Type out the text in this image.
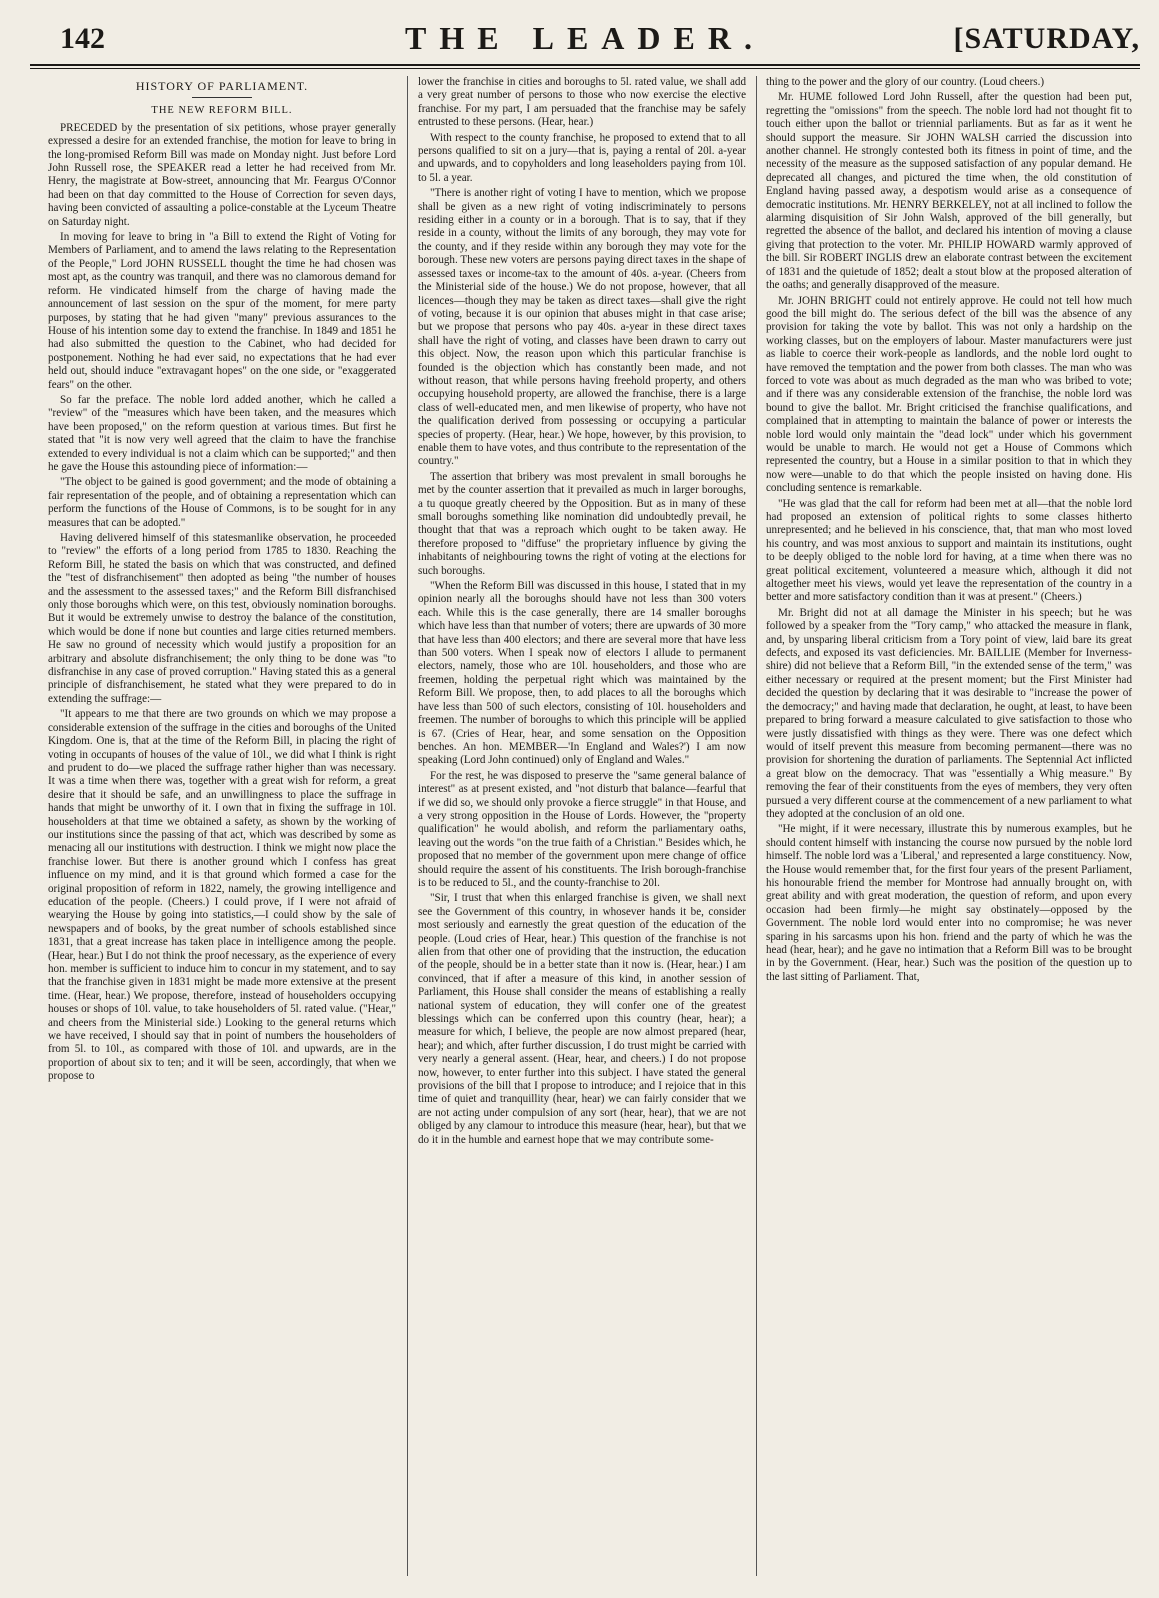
142	THE LEADER.	[SATURDAY,
HISTORY OF PARLIAMENT.
THE NEW REFORM BILL.

PRECEDED by the presentation of six petitions, whose prayer generally expressed a desire for an extended franchise, the motion for leave to bring in the long-promised Reform Bill was made on Monday night. Just before Lord John Russell rose, the SPEAKER read a letter he had received from Mr. Henry, the magistrate at Bow-street, announcing that Mr. Feargus O'Connor had been on that day committed to the House of Correction for seven days, having been convicted of assaulting a police-constable at the Lyceum Theatre on Saturday night.

In moving for leave to bring in "a Bill to extend the Right of Voting for Members of Parliament, and to amend the laws relating to the Representation of the People," Lord JOHN RUSSELL thought the time he had chosen was most apt, as the country was tranquil, and there was no clamorous demand for reform. He vindicated himself from the charge of having made the announcement of last session on the spur of the moment, for mere party purposes, by stating that he had given "many" previous assurances to the House of his intention some day to extend the franchise. In 1849 and 1851 he had also submitted the question to the Cabinet, who had decided for postponement. Nothing he had ever said, no expectations that he had ever held out, should induce "extravagant hopes" on the one side, or "exaggerated fears" on the other.

So far the preface. The noble lord added another, which he called a "review" of the "measures which have been taken, and the measures which have been proposed," on the reform question at various times. But first he stated that "it is now very well agreed that the claim to have the franchise extended to every individual is not a claim which can be supported;" and then he gave the House this astounding piece of information:—

"The object to be gained is good government; and the mode of obtaining a fair representation of the people, and of obtaining a representation which can perform the functions of the House of Commons, is to be sought for in any measures that can be adopted."

Having delivered himself of this statesmanlike observation, he proceeded to "review" the efforts of a long period from 1785 to 1830. Reaching the Reform Bill, he stated the basis on which that was constructed, and defined the "test of disfranchisement" then adopted as being "the number of houses and the assessment to the assessed taxes;" and the Reform Bill disfranchised only those boroughs which were, on this test, obviously nomination boroughs. But it would be extremely unwise to destroy the balance of the constitution, which would be done if none but counties and large cities returned members. He saw no ground of necessity which would justify a proposition for an arbitrary and absolute disfranchisement; the only thing to be done was "to disfranchise in any case of proved corruption." Having stated this as a general principle of disfranchisement, he stated what they were prepared to do in extending the suffrage:—

"It appears to me that there are two grounds on which we may propose a considerable extension of the suffrage in the cities and boroughs of the United Kingdom. One is, that at the time of the Reform Bill, in placing the right of voting in occupants of houses of the value of 10l., we did what I think is right and prudent to do—we placed the suffrage rather higher than was necessary. It was a time when there was, together with a great wish for reform, a great desire that it should be safe, and an unwillingness to place the suffrage in hands that might be unworthy of it. I own that in fixing the suffrage in 10l. householders at that time we obtained a safety, as shown by the working of our institutions since the passing of that act, which was described by some as menacing all our institutions with destruction. I think we might now place the franchise lower. But there is another ground which I confess has great influence on my mind, and it is that ground which formed a case for the original proposition of reform in 1822, namely, the growing intelligence and education of the people. (Cheers.) I could prove, if I were not afraid of wearying the House by going into statistics,—I could show by the sale of newspapers and of books, by the great number of schools established since 1831, that a great increase has taken place in intelligence among the people. (Hear, hear.) But I do not think the proof necessary, as the experience of every hon. member is sufficient to induce him to concur in my statement, and to say that the franchise given in 1831 might be made more extensive at the present time. (Hear, hear.) We propose, therefore, instead of householders occupying houses or shops of 10l. value, to take householders of 5l. rated value. ("Hear," and cheers from the Ministerial side.) Looking to the general returns which we have received, I should say that in point of numbers the householders of from 5l. to 10l., as compared with those of 10l. and upwards, are in the proportion of about six to ten; and it will be seen, accordingly, that when we propose to

lower the franchise in cities and boroughs to 5l. rated value, we shall add a very great number of persons to those who now exercise the elective franchise. For my part, I am persuaded that the franchise may be safely entrusted to these persons. (Hear, hear.)

With respect to the county franchise, he proposed to extend that to all persons qualified to sit on a jury—that is, paying a rental of 20l. a-year and upwards, and to copyholders and long leaseholders paying from 10l. to 5l. a year.

"There is another right of voting I have to mention, which we propose shall be given as a new right of voting indiscriminately to persons residing either in a county or in a borough. That is to say, that if they reside in a county, without the limits of any borough, they may vote for the county, and if they reside within any borough they may vote for the borough. These new voters are persons paying direct taxes in the shape of assessed taxes or income-tax to the amount of 40s. a-year. (Cheers from the Ministerial side of the house.) We do not propose, however, that all licences—though they may be taken as direct taxes—shall give the right of voting, because it is our opinion that abuses might in that case arise; but we propose that persons who pay 40s. a-year in these direct taxes shall have the right of voting, and classes have been drawn to carry out this object. Now, the reason upon which this particular franchise is founded is the objection which has constantly been made, and not without reason, that while persons having freehold property, and others occupying household property, are allowed the franchise, there is a large class of well-educated men, and men likewise of property, who have not the qualification derived from possessing or occupying a particular species of property. (Hear, hear.) We hope, however, by this provision, to enable them to have votes, and thus contribute to the representation of the country."

The assertion that bribery was most prevalent in small boroughs he met by the counter assertion that it prevailed as much in larger boroughs, a tu quoque greatly cheered by the Opposition. But as in many of these small boroughs something like nomination did undoubtedly prevail, he thought that that was a reproach which ought to be taken away. He therefore proposed to "diffuse" the proprietary influence by giving the inhabitants of neighbouring towns the right of voting at the elections for such boroughs.

"When the Reform Bill was discussed in this house, I stated that in my opinion nearly all the boroughs should have not less than 300 voters each. While this is the case generally, there are 14 smaller boroughs which have less than that number of voters; there are upwards of 30 more that have less than 400 electors; and there are several more that have less than 500 voters. When I speak now of electors I allude to permanent electors, namely, those who are 10l. householders, and those who are freemen, holding the perpetual right which was maintained by the Reform Bill. We propose, then, to add places to all the boroughs which have less than 500 of such electors, consisting of 10l. householders and freemen. The number of boroughs to which this principle will be applied is 67. (Cries of Hear, hear, and some sensation on the Opposition benches. An hon. MEMBER—'In England and Wales?') I am now speaking (Lord John continued) only of England and Wales."

For the rest, he was disposed to preserve the "same general balance of interest" as at present existed, and "not disturb that balance—fearful that if we did so, we should only provoke a fierce struggle" in that House, and a very strong opposition in the House of Lords. However, the "property qualification" he would abolish, and reform the parliamentary oaths, leaving out the words "on the true faith of a Christian." Besides which, he proposed that no member of the government upon mere change of office should require the assent of his constituents. The Irish borough-franchise is to be reduced to 5l., and the county-franchise to 20l.

"Sir, I trust that when this enlarged franchise is given, we shall next see the Government of this country, in whosever hands it be, consider most seriously and earnestly the great question of the education of the people. (Loud cries of Hear, hear.) This question of the franchise is not alien from that other one of providing that the instruction, the education of the people, should be in a better state than it now is. (Hear, hear.) I am convinced, that if after a measure of this kind, in another session of Parliament, this House shall consider the means of establishing a really national system of education, they will confer one of the greatest blessings which can be conferred upon this country (hear, hear); a measure for which, I believe, the people are now almost prepared (hear, hear); and which, after further discussion, I do trust might be carried with very nearly a general assent. (Hear, hear, and cheers.) I do not propose now, however, to enter further into this subject. I have stated the general provisions of the bill that I propose to introduce; and I rejoice that in this time of quiet and tranquillity (hear, hear) we can fairly consider that we are not acting under compulsion of any sort (hear, hear), that we are not obliged by any clamour to introduce this measure (hear, hear), but that we do it in the humble and earnest hope that we may contribute some-

thing to the power and the glory of our country. (Loud cheers.)

Mr. HUME followed Lord John Russell, after the question had been put, regretting the "omissions" from the speech. The noble lord had not thought fit to touch either upon the ballot or triennial parliaments. But as far as it went he should support the measure. Sir JOHN WALSH carried the discussion into another channel. He strongly contested both its fitness in point of time, and the necessity of the measure as the supposed satisfaction of any popular demand. He deprecated all changes, and pictured the time when, the old constitution of England having passed away, a despotism would arise as a consequence of democratic institutions. Mr. HENRY BERKELEY, not at all inclined to follow the alarming disquisition of Sir John Walsh, approved of the bill generally, but regretted the absence of the ballot, and declared his intention of moving a clause giving that protection to the voter. Mr. PHILIP HOWARD warmly approved of the bill. Sir ROBERT INGLIS drew an elaborate contrast between the excitement of 1831 and the quietude of 1852; dealt a stout blow at the proposed alteration of the oaths; and generally disapproved of the measure.

Mr. JOHN BRIGHT could not entirely approve. He could not tell how much good the bill might do. The serious defect of the bill was the absence of any provision for taking the vote by ballot. This was not only a hardship on the working classes, but on the employers of labour. Master manufacturers were just as liable to coerce their work-people as landlords, and the noble lord ought to have removed the temptation and the power from both classes. The man who was forced to vote was about as much degraded as the man who was bribed to vote; and if there was any considerable extension of the franchise, the noble lord was bound to give the ballot. Mr. Bright criticised the franchise qualifications, and complained that in attempting to maintain the balance of power or interests the noble lord would only maintain the "dead lock" under which his government would be unable to march. He would not get a House of Commons which represented the country, but a House in a similar position to that in which they now were—unable to do that which the people insisted on having done. His concluding sentence is remarkable.

"He was glad that the call for reform had been met at all—that the noble lord had proposed an extension of political rights to some classes hitherto unrepresented; and he believed in his conscience, that, that man who most loved his country, and was most anxious to support and maintain its institutions, ought to be deeply obliged to the noble lord for having, at a time when there was no great political excitement, volunteered a measure which, although it did not altogether meet his views, would yet leave the representation of the country in a better and more satisfactory condition than it was at present." (Cheers.)

Mr. Bright did not at all damage the Minister in his speech; but he was followed by a speaker from the "Tory camp," who attacked the measure in flank, and, by unsparing liberal criticism from a Tory point of view, laid bare its great defects, and exposed its vast deficiencies. Mr. BAILLIE (Member for Inverness-shire) did not believe that a Reform Bill, "in the extended sense of the term," was either necessary or required at the present moment; but the First Minister had decided the question by declaring that it was desirable to "increase the power of the democracy;" and having made that declaration, he ought, at least, to have been prepared to bring forward a measure calculated to give satisfaction to those who were justly dissatisfied with things as they were. There was one defect which would of itself prevent this measure from becoming permanent—there was no provision for shortening the duration of parliaments. The Septennial Act inflicted a great blow on the democracy. That was "essentially a Whig measure." By removing the fear of their constituents from the eyes of members, they very often pursued a very different course at the commencement of a new parliament to what they adopted at the conclusion of an old one.

"He might, if it were necessary, illustrate this by numerous examples, but he should content himself with instancing the course now pursued by the noble lord himself. The noble lord was a 'Liberal,' and represented a large constituency. Now, the House would remember that, for the first four years of the present Parliament, his honourable friend the member for Montrose had annually brought on, with great ability and with great moderation, the question of reform, and upon every occasion had been firmly—he might say obstinately—opposed by the Government. The noble lord would enter into no compromise; he was never sparing in his sarcasms upon his hon. friend and the party of which he was the head (hear, hear); and he gave no intimation that a Reform Bill was to be brought in by the Government. (Hear, hear.) Such was the position of the question up to the last sitting of Parliament. That,
